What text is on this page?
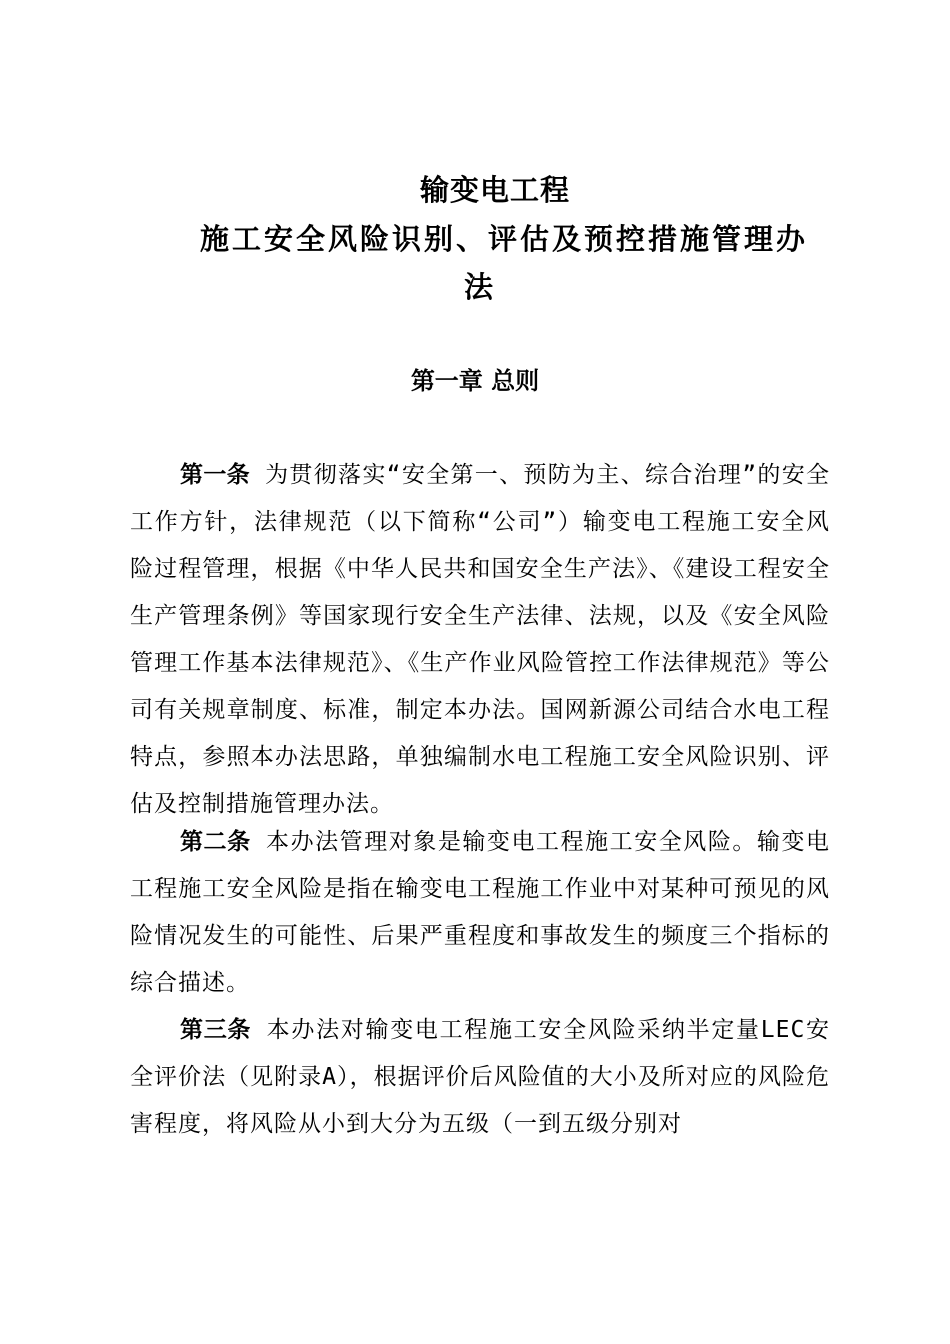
输变电工程
施工安全风险识别、评估及预控措施管理办
法
第一章 总则

第一条 为贯彻落实“安全第一、预防为主、综合治理”的安全工作方针，法律规范（以下简称“公司”）输变电工程施工安全风险过程管理，根据《中华人民共和国安全生产法》、《建设工程安全生产管理条例》等国家现行安全生产法律、法规，以及《安全风险管理工作基本法律规范》、《生产作业风险管控工作法律规范》等公司有关规章制度、标准，制定本办法。国网新源公司结合水电工程特点，参照本办法思路，单独编制水电工程施工安全风险识别、评估及控制措施管理办法。

第二条 本办法管理对象是输变电工程施工安全风险。输变电工程施工安全风险是指在输变电工程施工作业中对某种可预见的风险情况发生的可能性、后果严重程度和事故发生的频度三个指标的综合描述。

第三条 本办法对输变电工程施工安全风险采纳半定量LEC安全评价法（见附录A），根据评价后风险值的大小及所对应的风险危害程度，将风险从小到大分为五级（一到五级分别对
